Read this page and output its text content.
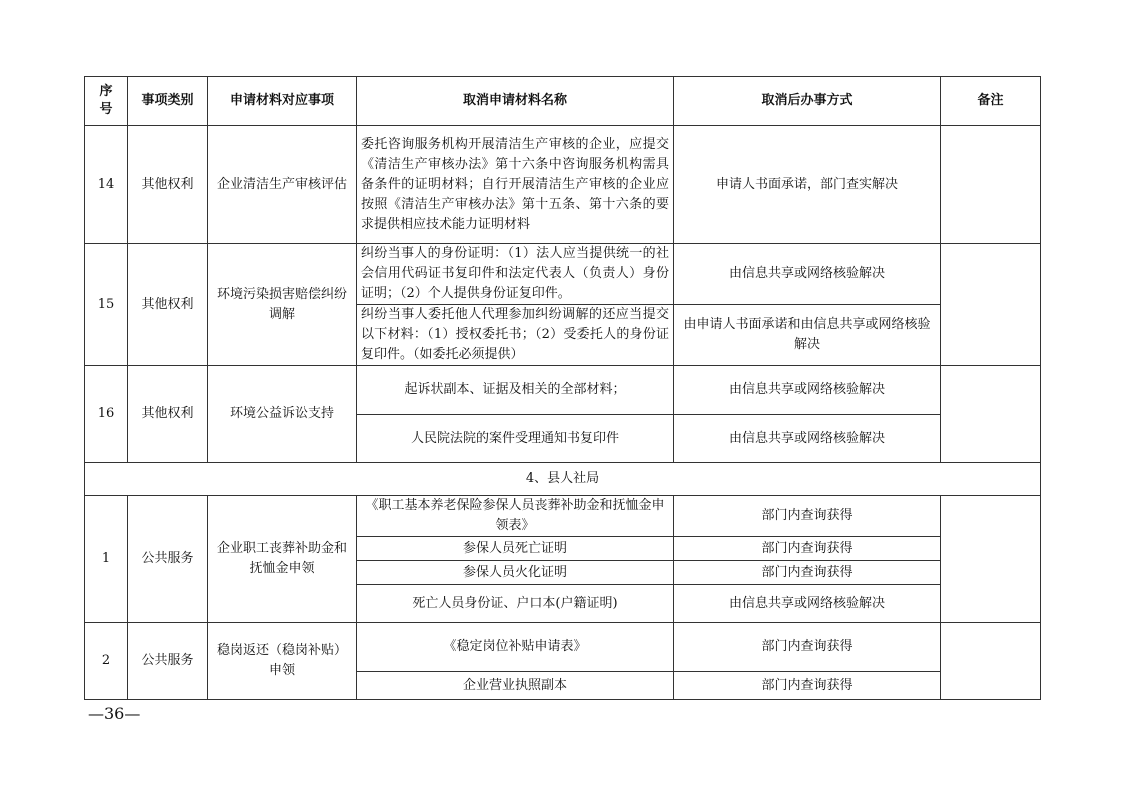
序号	事项类别	申请材料对应事项	取消申请材料名称	取消后办事方式	备注
14	其他权利	企业清洁生产审核评估	委托咨询服务机构开展清洁生产审核的企业，应提交《清洁生产审核办法》第十六条中咨询服务机构需具备条件的证明材料；自行开展清洁生产审核的企业应按照《清洁生产审核办法》第十五条、第十六条的要求提供相应技术能力证明材料	申请人书面承诺，部门查实解决	
15	其他权利	环境污染损害赔偿纠纷调解	纠纷当事人的身份证明：（1）法人应当提供统一的社会信用代码证书复印件和法定代表人（负责人）身份证明；（2）个人提供身份证复印件。	由信息共享或网络核验解决	
			纠纷当事人委托他人代理参加纠纷调解的还应当提交以下材料：（1）授权委托书；（2）受委托人的身份证复印件。（如委托必须提供）	由申请人书面承诺和由信息共享或网络核验解决	
16	其他权利	环境公益诉讼支持	起诉状副本、证据及相关的全部材料；	由信息共享或网络核验解决	
			人民院法院的案件受理通知书复印件	由信息共享或网络核验解决	
4、县人社局					
1	公共服务	企业职工丧葬补助金和抚恤金申领	《职工基本养老保险参保人员丧葬补助金和抚恤金申领表》	部门内查询获得	
			参保人员死亡证明	部门内查询获得	
			参保人员火化证明	部门内查询获得	
			死亡人员身份证、户口本(户籍证明)	由信息共享或网络核验解决	
2	公共服务	稳岗返还（稳岗补贴）申领	《稳定岗位补贴申请表》	部门内查询获得	
			企业营业执照副本	部门内查询获得	
—36—
